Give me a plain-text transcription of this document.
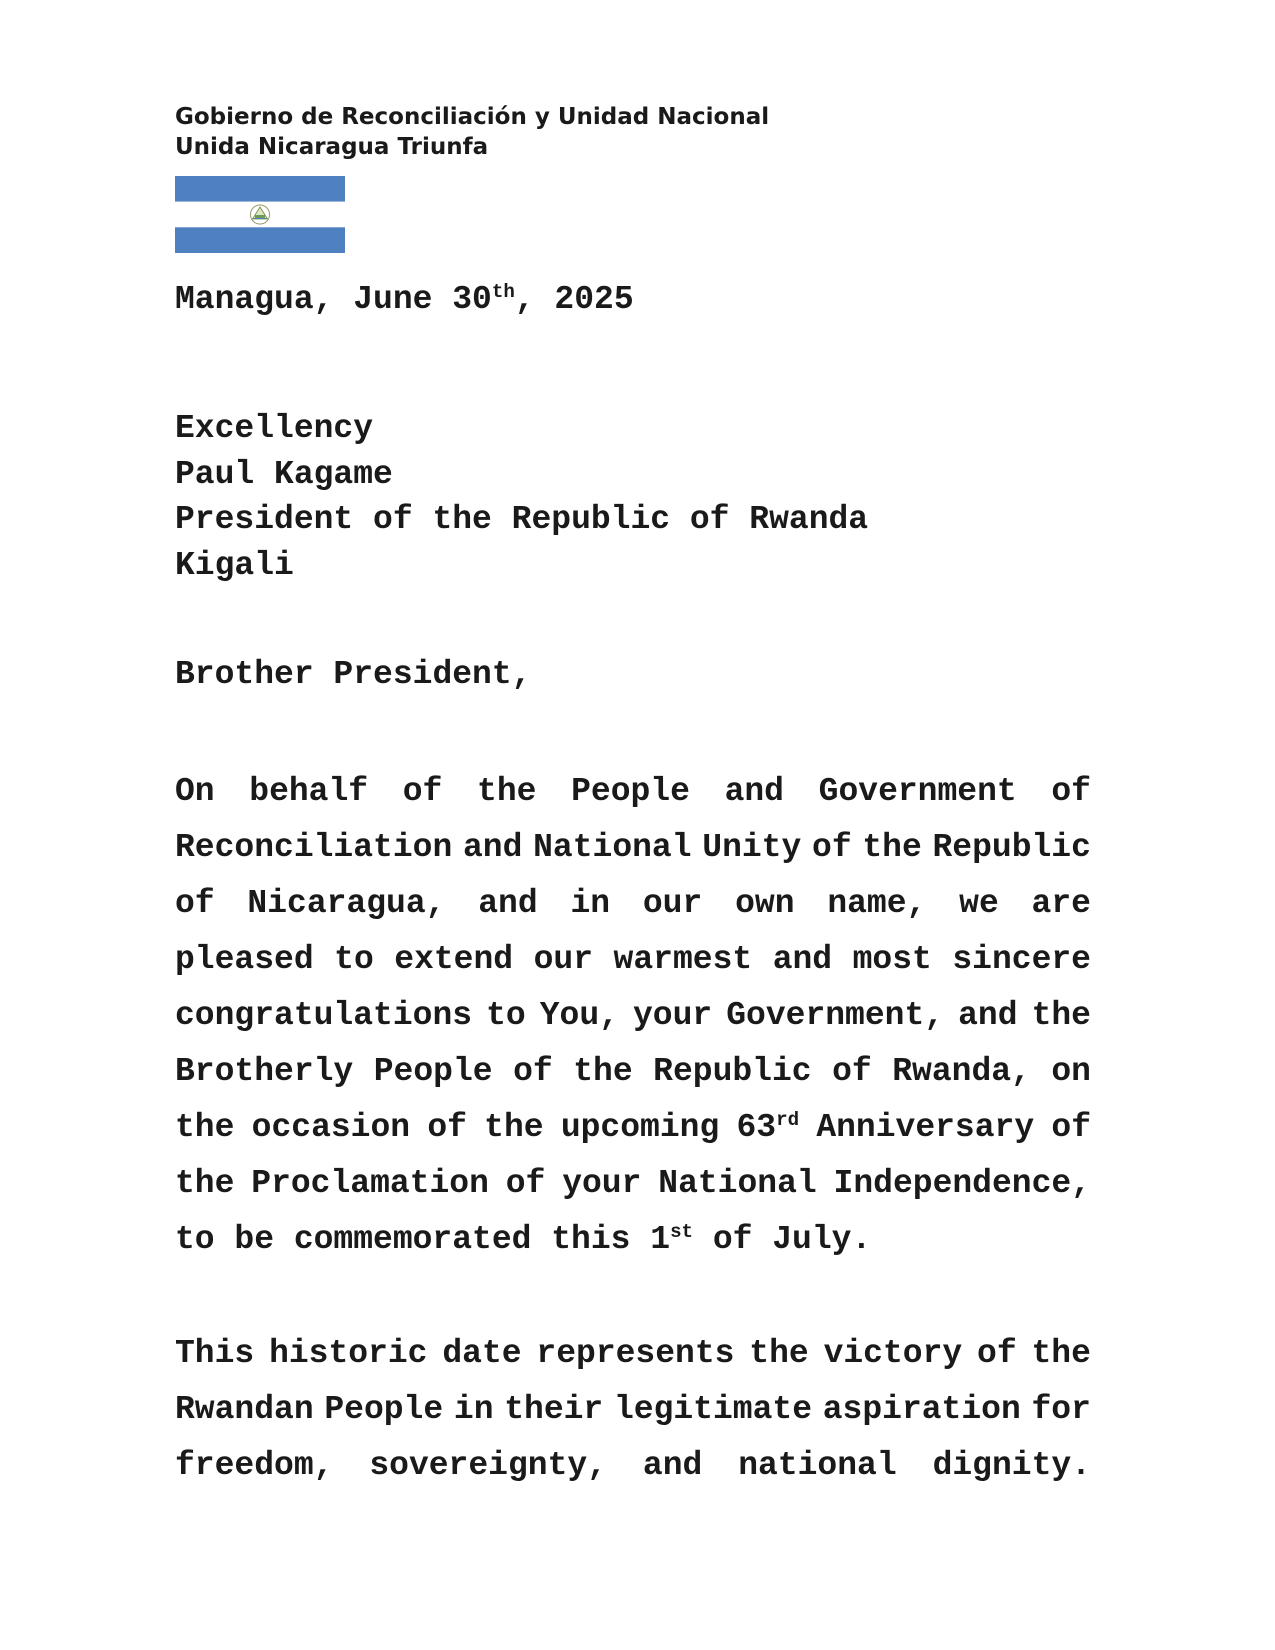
Gobierno de Reconciliación y Unidad Nacional
Unida Nicaragua Triunfa
Managua, June 30th, 2025
Excellency
Paul Kagame
President of the Republic of Rwanda
Kigali
Brother President,
On behalf of the People and Government of
Reconciliation and National Unity of the Republic
of Nicaragua, and in our own name, we are
pleased to extend our warmest and most sincere
congratulations to You, your Government, and the
Brotherly People of the Republic of Rwanda, on
the occasion of the upcoming 63rd Anniversary of
the Proclamation of your National Independence,
to be commemorated this 1st of July.
This historic date represents the victory of the
Rwandan People in their legitimate aspiration for
freedom, sovereignty, and national dignity.
